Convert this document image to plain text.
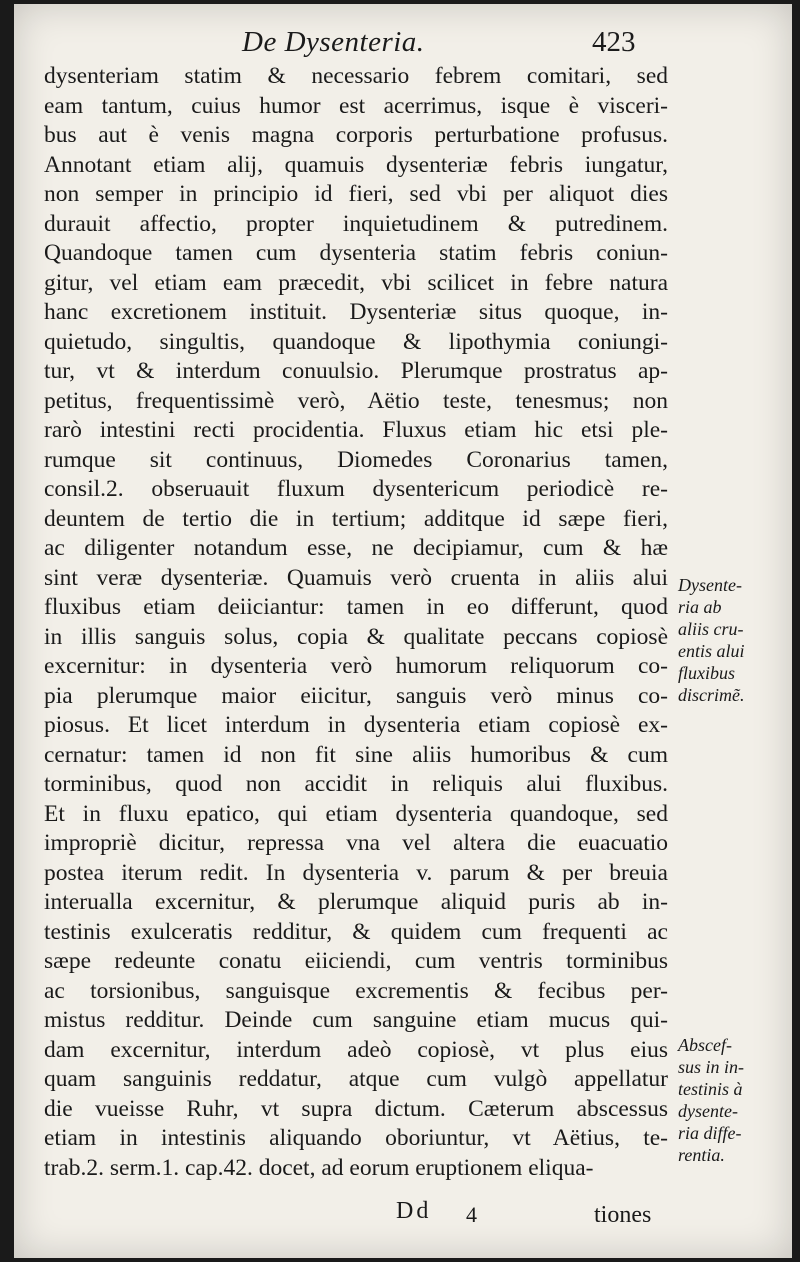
De Dysenteria.	423
dysenteriam statim & necessario febrem comitari, sed
eam tantum, cuius humor est acerrimus, isque è visceri-
bus aut è venis magna corporis perturbatione profusus.
Annotant etiam alij, quamuis dysenteriæ febris iungatur,
non semper in principio id fieri, sed vbi per aliquot dies
durauit affectio, propter inquietudinem & putredinem.
Quandoque tamen cum dysenteria statim febris coniun-
gitur, vel etiam eam præcedit, vbi scilicet in febre natura
hanc excretionem instituit. Dysenteriæ situs quoque, in-
quietudo, singultis, quandoque & lipothymia coniungi-
tur, vt & interdum conuulsio. Plerumque prostratus ap-
petitus, frequentissimè verò, Aëtio teste, tenesmus; non
rarò intestini recti procidentia. Fluxus etiam hic etsi ple-
rumque sit continuus, Diomedes Coronarius tamen,
consil.2. obseruauit fluxum dysentericum periodicè re-
deuntem de tertio die in tertium; additque id sæpe fieri,
ac diligenter notandum esse, ne decipiamur, cum & hæ
sint veræ dysenteriæ. Quamuis verò cruenta in aliis alui
fluxibus etiam deiiciantur: tamen in eo differunt, quod
in illis sanguis solus, copia & qualitate peccans copiosè
excernitur: in dysenteria verò humorum reliquorum co-
pia plerumque maior eiicitur, sanguis verò minus co-
piosus. Et licet interdum in dysenteria etiam copiosè ex-
cernatur: tamen id non fit sine aliis humoribus & cum
torminibus, quod non accidit in reliquis alui fluxibus.
Et in fluxu epatico, qui etiam dysenteria quandoque, sed
impropriè dicitur, repressa vna vel altera die euacuatio
postea iterum redit. In dysenteria v. parum & per breuia
interualla excernitur, & plerumque aliquid puris ab in-
testinis exulceratis redditur, & quidem cum frequenti ac
sæpe redeunte conatu eiiciendi, cum ventris torminibus
ac torsionibus, sanguisque excrementis & fecibus per-
mistus redditur. Deinde cum sanguine etiam mucus qui-
dam excernitur, interdum adeò copiosè, vt plus eius
quam sanguinis reddatur, atque cum vulgò appellatur
die vueisse Ruhr, vt supra dictum. Cæterum abscessus
etiam in intestinis aliquando oboriuntur, vt Aëtius, te-
trab.2. serm.1. cap.42. docet, ad eorum eruptionem eliqua-
Dysente-
ria ab
aliis cru-
entis alui
fluxibus
discrimẽ.
Abscef-
sus in in-
testinis à
dysente-
ria diffe-
rentia.
Dd 4	tiones
